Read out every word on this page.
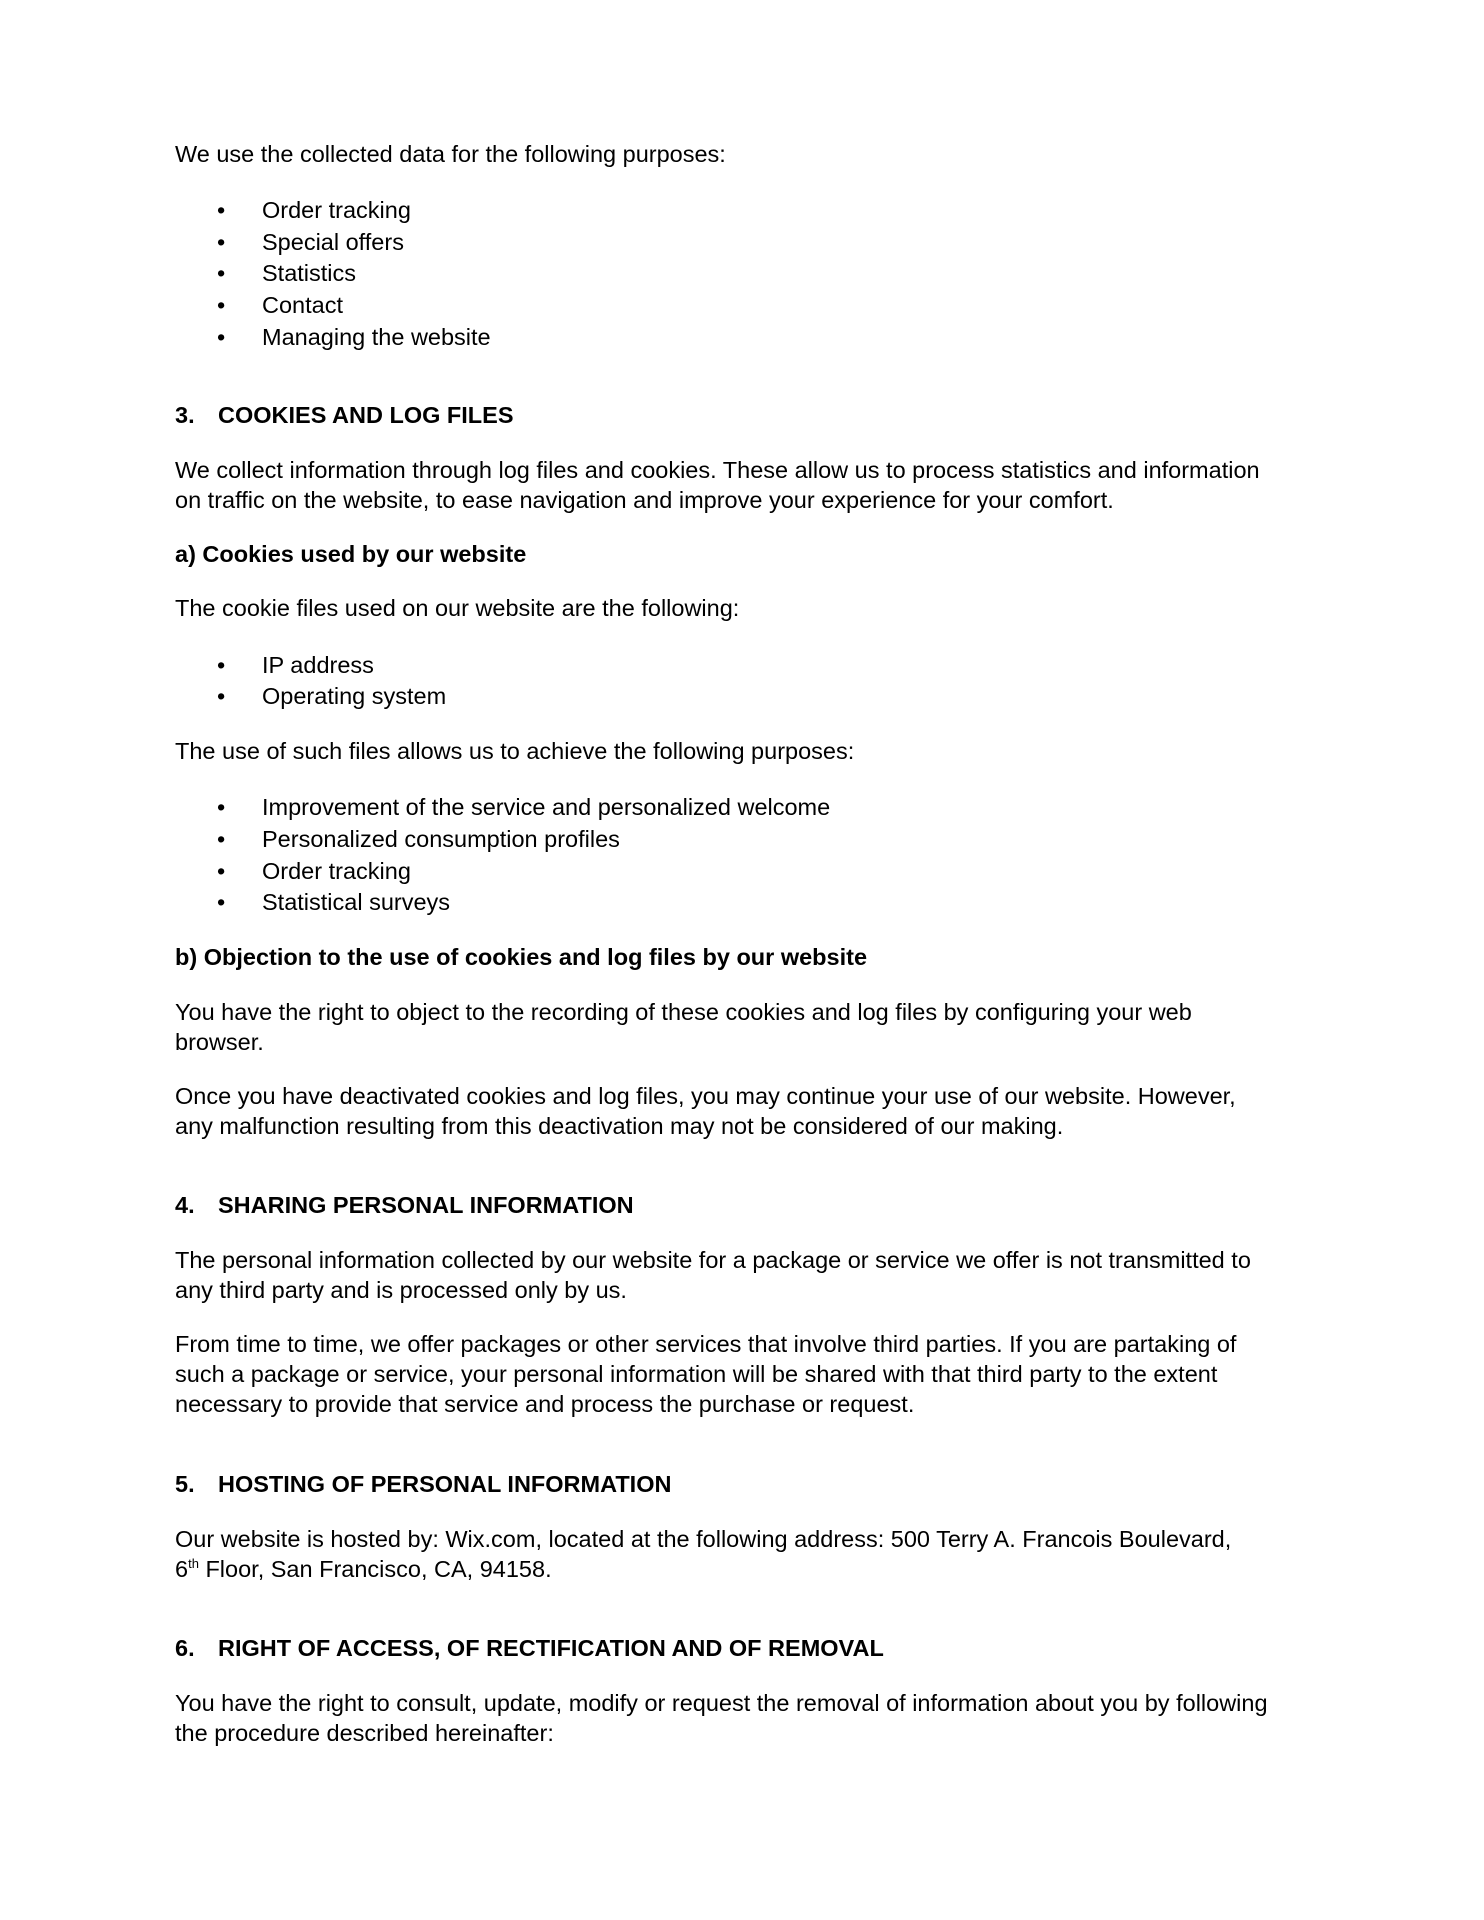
We use the collected data for the following purposes:
• Order tracking
• Special offers
• Statistics
• Contact
• Managing the website
3. COOKIES AND LOG FILES
We collect information through log files and cookies. These allow us to process statistics and information
on traffic on the website, to ease navigation and improve your experience for your comfort.
a) Cookies used by our website
The cookie files used on our website are the following:
• IP address
• Operating system
The use of such files allows us to achieve the following purposes:
• Improvement of the service and personalized welcome
• Personalized consumption profiles
• Order tracking
• Statistical surveys
b) Objection to the use of cookies and log files by our website
You have the right to object to the recording of these cookies and log files by configuring your web
browser.
Once you have deactivated cookies and log files, you may continue your use of our website. However,
any malfunction resulting from this deactivation may not be considered of our making.
4. SHARING PERSONAL INFORMATION
The personal information collected by our website for a package or service we offer is not transmitted to
any third party and is processed only by us.
From time to time, we offer packages or other services that involve third parties. If you are partaking of
such a package or service, your personal information will be shared with that third party to the extent
necessary to provide that service and process the purchase or request.
5. HOSTING OF PERSONAL INFORMATION
Our website is hosted by: Wix.com, located at the following address: 500 Terry A. Francois Boulevard,
6th Floor, San Francisco, CA, 94158.
6. RIGHT OF ACCESS, OF RECTIFICATION AND OF REMOVAL
You have the right to consult, update, modify or request the removal of information about you by following
the procedure described hereinafter:
